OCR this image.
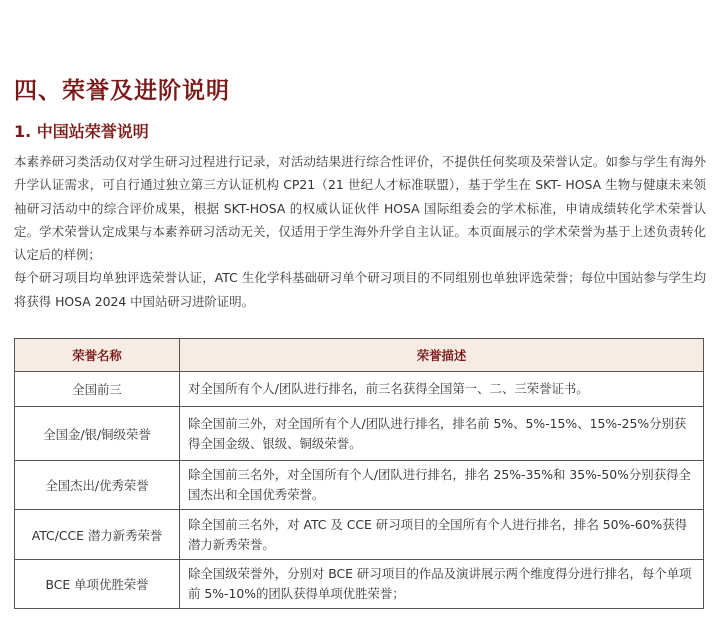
四、荣誉及进阶说明
1. 中国站荣誉说明

本素养研习类活动仅对学生研习过程进行记录，对活动结果进行综合性评价，不提供任何奖项及荣誉认定。如参与学生有海外升学认证需求，可自行通过独立第三方认证机构 CP21（21 世纪人才标准联盟），基于学生在 SKT- HOSA 生物与健康未来领袖研习活动中的综合评价成果，根据 SKT-HOSA 的权威认证伙伴 HOSA 国际组委会的学术标准，申请成绩转化学术荣誉认定。学术荣誉认定成果与本素养研习活动无关，仅适用于学生海外升学自主认证。本页面展示的学术荣誉为基于上述负责转化认定后的样例；

每个研习项目均单独评选荣誉认证，ATC 生化学科基础研习单个研习项目的不同组别也单独评选荣誉；每位中国站参与学生均将获得 HOSA 2024 中国站研习进阶证明。

荣誉名称	荣誉描述
全国前三	对全国所有个人/团队进行排名，前三名获得全国第一、二、三荣誉证书。
全国金/银/铜级荣誉	除全国前三外，对全国所有个人/团队进行排名，排名前 5%、5%-15%、15%-25%分别获得全国金级、银级、铜级荣誉。
全国杰出/优秀荣誉	除全国前三名外，对全国所有个人/团队进行排名，排名 25%-35%和 35%-50%分别获得全国杰出和全国优秀荣誉。
ATC/CCE 潜力新秀荣誉	除全国前三名外，对 ATC 及 CCE 研习项目的全国所有个人进行排名，排名 50%-60%获得潜力新秀荣誉。
BCE 单项优胜荣誉	除全国级荣誉外，分别对 BCE 研习项目的作品及演讲展示两个维度得分进行排名，每个单项前 5%-10%的团队获得单项优胜荣誉；
